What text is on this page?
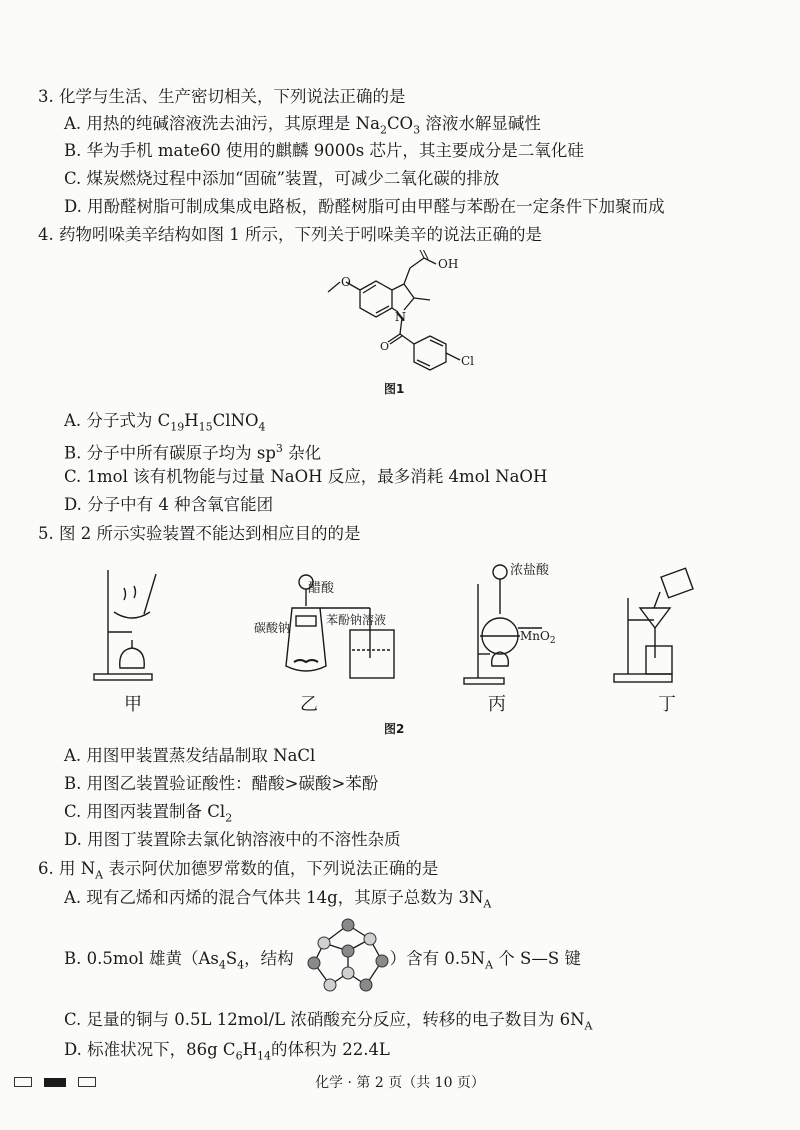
3. 化学与生活、生产密切相关，下列说法正确的是
A. 用热的纯碱溶液洗去油污，其原理是 $Na_2CO_3$ 溶液水解显碱性
B. 华为手机 mate60 使用的麒麟 9000s 芯片，其主要成分是二氧化硅
C. 煤炭燃烧过程中添加“固硫”装置，可减少二氧化碳的排放
D. 用酚醛树脂可制成集成电路板，酚醛树脂可由甲醛与苯酚在一定条件下加聚而成
4. 药物吲哚美辛结构如图 1 所示，下列关于吲哚美辛的说法正确的是
O
OH
N
O
Cl
图1
A. 分子式为 $C_{19}H_{15}ClNO_4$
B. 分子中所有碳原子均为 $sp^3$ 杂化
C. 1mol 该有机物能与过量 NaOH 反应，最多消耗 4mol NaOH
D. 分子中有 4 种含氧官能团
5. 图 2 所示实验装置不能达到相应目的的是
醋酸
碳酸钠
苯酚钠溶液
浓盐酸
MnO$_2$
甲	乙	丙	丁
图2
A. 用图甲装置蒸发结晶制取 NaCl
B. 用图乙装置验证酸性：醋酸>碳酸>苯酚
C. 用图丙装置制备 $Cl_2$
D. 用图丁装置除去氯化钠溶液中的不溶性杂质
6. 用 $N_A$ 表示阿伏加德罗常数的值，下列说法正确的是
A. 现有乙烯和丙烯的混合气体共 14g，其原子总数为 $3N_A$
B. 0.5mol 雄黄（$As_4S_4$，结构	）含有 $0.5N_A$ 个 S—S 键
C. 足量的铜与 0.5L 12mol/L 浓硝酸充分反应，转移的电子数目为 $6N_A$
D. 标准状况下，86g $C_6H_{14}$的体积为 22.4L
化学 · 第 2 页（共 10 页）
